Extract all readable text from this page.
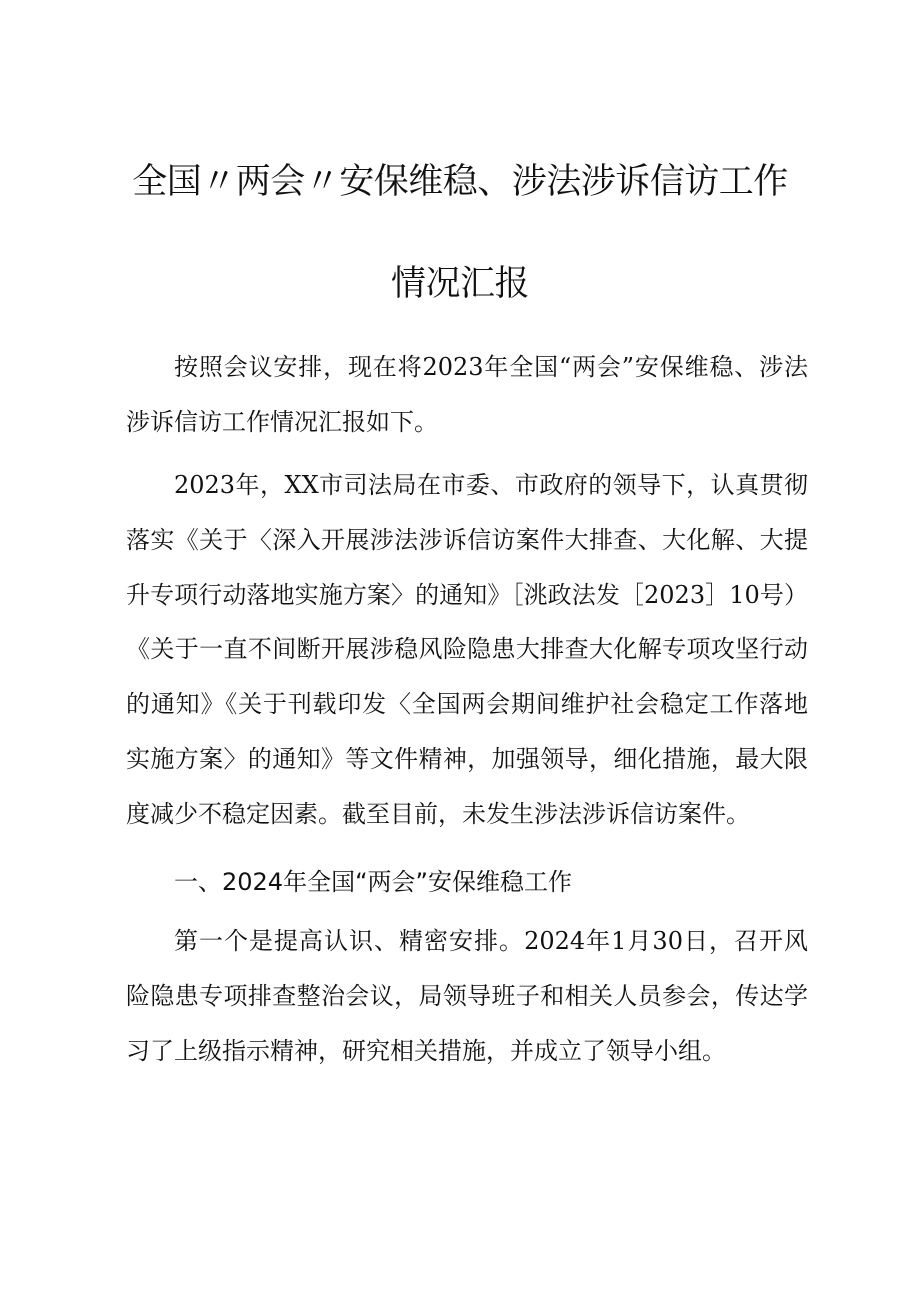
全国〃两会〃安保维稳、涉法涉诉信访工作
情况汇报

按照会议安排，现在将2023年全国“两会”安保维稳、涉法涉诉信访工作情况汇报如下。

2023年，XX市司法局在市委、市政府的领导下，认真贯彻落实《关于〈深入开展涉法涉诉信访案件大排查、大化解、大提升专项行动落地实施方案〉的通知》［洮政法发［2023］10号）《关于一直不间断开展涉稳风险隐患大排查大化解专项攻坚行动的通知》《关于刊载印发〈全国两会期间维护社会稳定工作落地实施方案〉的通知》等文件精神，加强领导，细化措施，最大限度减少不稳定因素。截至目前，未发生涉法涉诉信访案件。

一、2024年全国“两会”安保维稳工作

第一个是提高认识、精密安排。2024年1月30日，召开风险隐患专项排查整治会议，局领导班子和相关人员参会，传达学习了上级指示精神，研究相关措施，并成立了领导小组。
